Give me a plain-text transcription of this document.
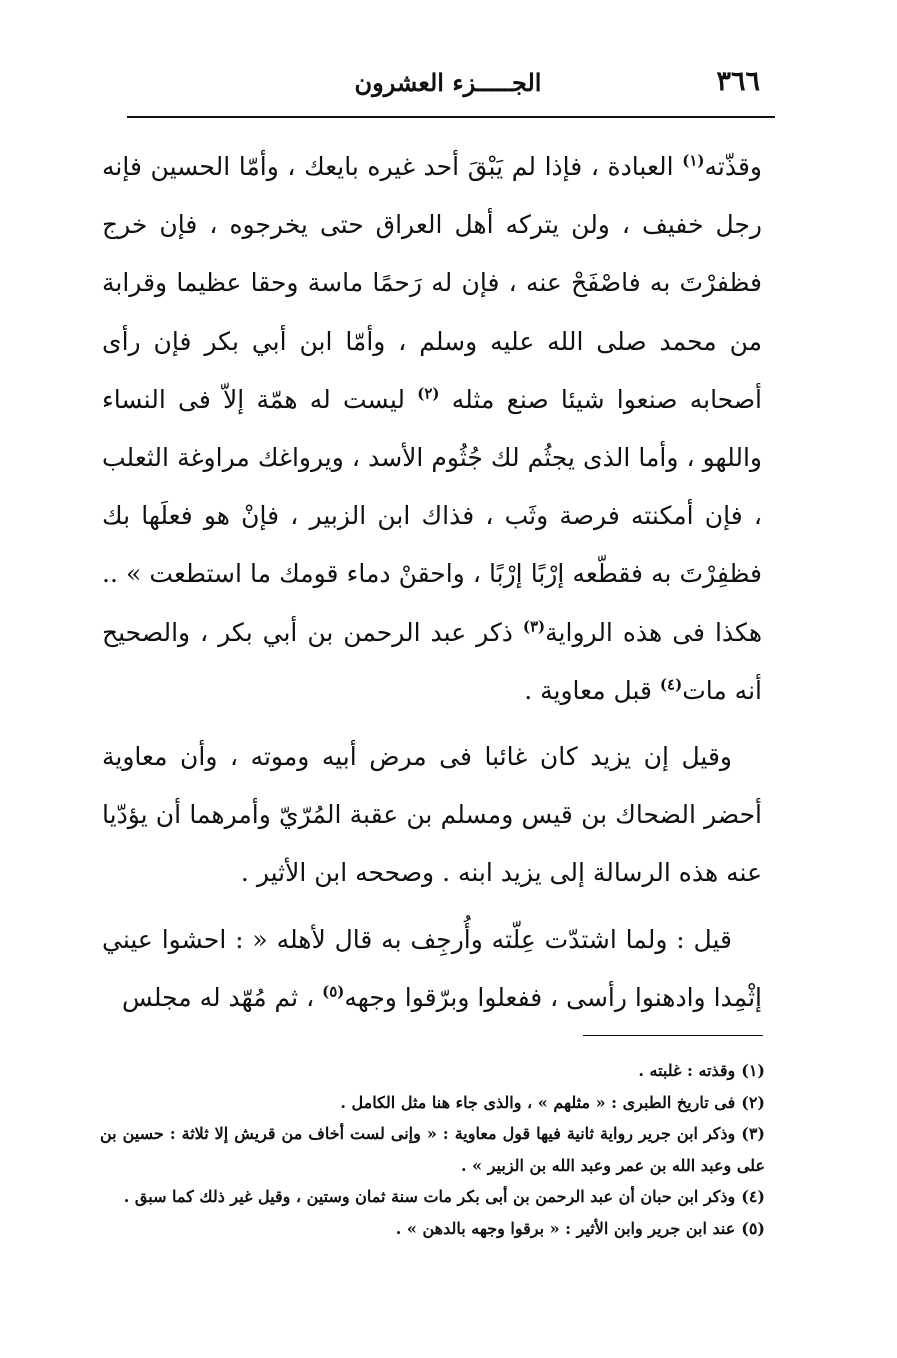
٣٦٦
الجـــــزء العشرون

وقذّته$^{(١)}$ العبادة ، فإذا لم يَبْقَ أحد غيره بايعك ، وأمّا الحسين فإنه رجل خفيف ، ولن يتركه أهل العراق حتى يخرجوه ، فإن خرج فظفرْتَ به فاصْفَحْ عنه ، فإن له رَحمًا ماسة وحقا عظيما وقرابة من محمد صلى الله عليه وسلم ، وأمّا ابن أبي بكر فإن رأى أصحابه صنعوا شيئا صنع مثله $^{(٢)}$ ليست له همّة إلاّ فى النساء واللهو ، وأما الذى يجثُم لك جُثُوم الأسد ، ويرواغك مراوغة الثعلب ، فإن أمكنته فرصة وثَب ، فذاك ابن الزبير ، فإنْ هو فعلَها بك فظفِرْتَ به فقطّعه إرْبًا إرْبًا ، واحقنْ دماء قومك ما استطعت » .. هكذا فى هذه الرواية$^{(٣)}$ ذكر عبد الرحمن بن أبي بكر ، والصحيح أنه مات$^{(٤)}$ قبل معاوية .

وقيل إن يزيد كان غائبا فى مرض أبيه وموته ، وأن معاوية أحضر الضحاك بن قيس ومسلم بن عقبة المُرّيّ وأمرهما أن يؤدّيا عنه هذه الرسالة إلى يزيد ابنه . وصححه ابن الأثير .

قيل : ولما اشتدّت عِلّته وأُرجِف به قال لأهله « : احشوا عيني إثْمِدا وادهنوا رأسى ، ففعلوا وبرّقوا وجهه$^{(٥)}$ ، ثم مُهّد له مجلس

(١)وقذته : غلبته .

(٢)فى تاريخ الطبرى : « مثلهم » ، والذى جاء هنا مثل الكامل .

(٣)وذكر ابن جرير رواية ثانية فيها قول معاوية : « وإنى لست أخاف من قريش إلا ثلاثة : حسين بن على وعبد الله بن عمر وعبد الله بن الزبير » .

(٤)وذكر ابن حبان أن عبد الرحمن بن أبى بكر مات سنة ثمان وستين ، وقيل غير ذلك كما سبق .

(٥)عند ابن جرير وابن الأثير : « برقوا وجهه بالدهن » .
